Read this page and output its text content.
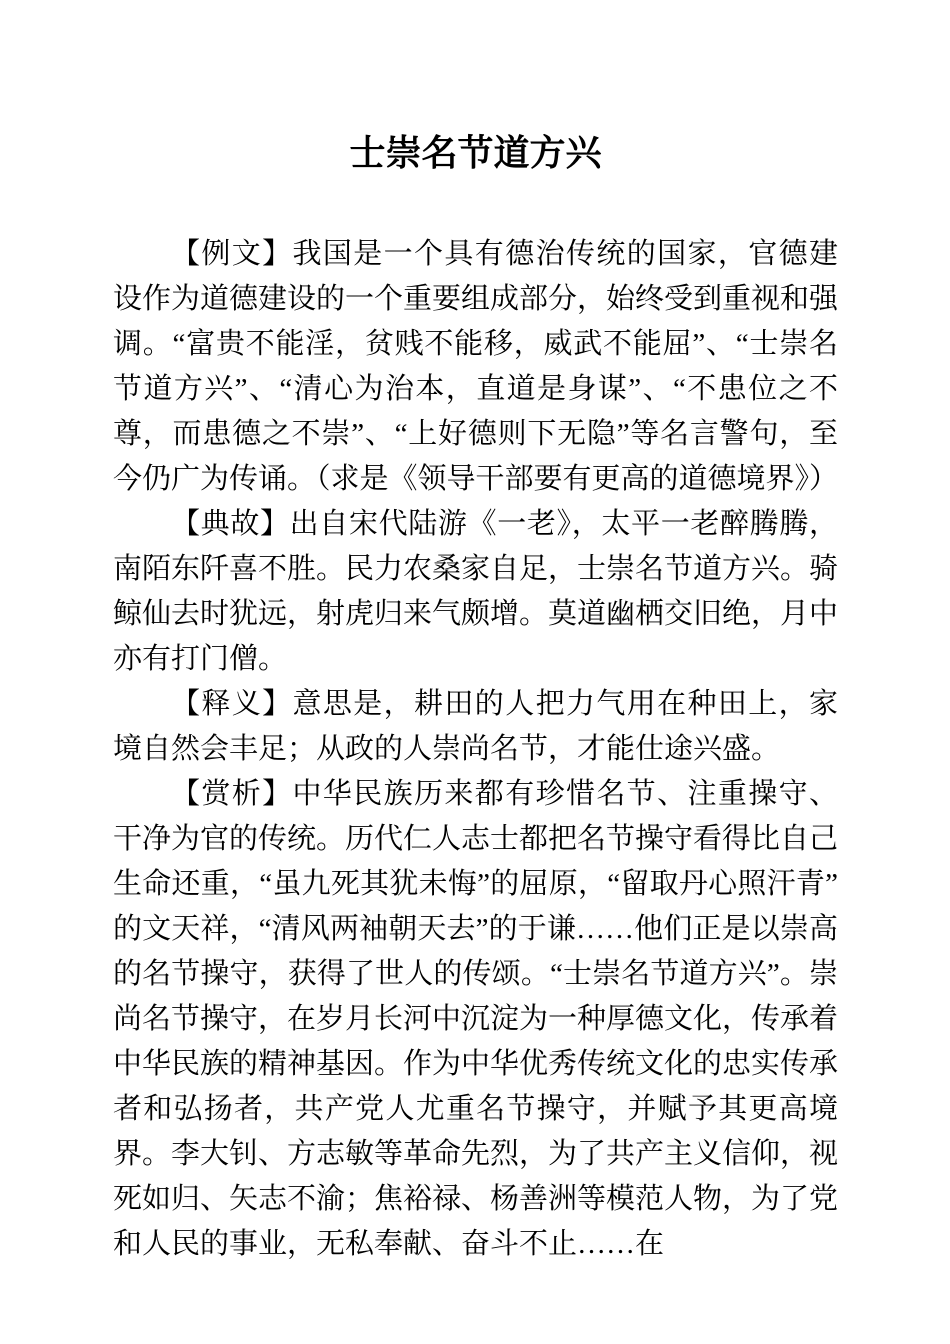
士崇名节道方兴

【例文】我国是一个具有德治传统的国家，官德建设作为道德建设的一个重要组成部分，始终受到重视和强调。“富贵不能淫，贫贱不能移，威武不能屈”、“士崇名节道方兴”、“清心为治本，直道是身谋”、“不患位之不尊，而患德之不崇”、“上好德则下无隐”等名言警句，至今仍广为传诵。（求是《领导干部要有更高的道德境界》）

【典故】出自宋代陆游《一老》，太平一老醉腾腾，南陌东阡喜不胜。民力农桑家自足，士崇名节道方兴。骑鲸仙去时犹远，射虎归来气颇增。莫道幽栖交旧绝，月中亦有打门僧。

【释义】意思是，耕田的人把力气用在种田上，家境自然会丰足；从政的人崇尚名节，才能仕途兴盛。

【赏析】中华民族历来都有珍惜名节、注重操守、干净为官的传统。历代仁人志士都把名节操守看得比自己生命还重，“虽九死其犹未悔”的屈原，“留取丹心照汗青”的文天祥，“清风两袖朝天去”的于谦……他们正是以崇高的名节操守，获得了世人的传颂。“士崇名节道方兴”。崇尚名节操守，在岁月长河中沉淀为一种厚德文化，传承着中华民族的精神基因。作为中华优秀传统文化的忠实传承者和弘扬者，共产党人尤重名节操守，并赋予其更高境界。李大钊、方志敏等革命先烈，为了共产主义信仰，视死如归、矢志不渝；焦裕禄、杨善洲等模范人物，为了党和人民的事业，无私奉献、奋斗不止……在
